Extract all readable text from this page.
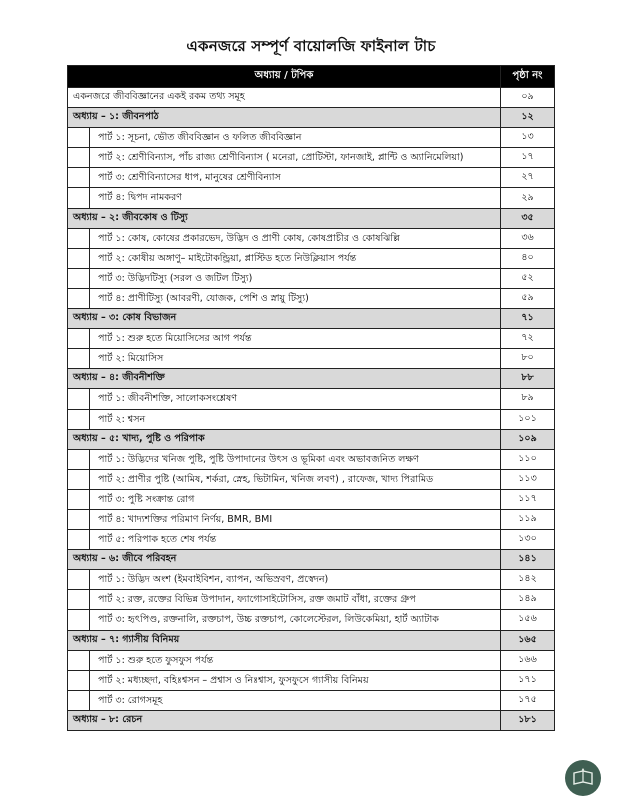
একনজরে সম্পূর্ণ বায়োলজি ফাইনাল টাচ
অধ্যায় / টপিক	পৃষ্ঠা নং
একনজরে জীববিজ্ঞানের একই রকম তথ্য সমূহ	০৯
অধ্যায় – ১: জীবনপাঠ	১২
পার্ট ১: সূচনা, ভৌত জীববিজ্ঞান ও ফলিত জীববিজ্ঞান	১৩
পার্ট ২: শ্রেণীবিন্যাস, পাঁচ রাজ্য শ্রেণীবিন্যাস ( মনেরা, প্রোটিস্টা, ফানজাই, প্লান্টি ও অ্যানিমেলিয়া)	১৭
পার্ট ৩: শ্রেণীবিন্যাসের ধাপ, মানুষের শ্রেণীবিন্যাস	২৭
পার্ট ৪: দ্বিপদ নামকরণ	২৯
অধ্যায় – ২: জীবকোষ ও টিস্যু	৩৫
পার্ট ১: কোষ, কোষের প্রকারভেদ, উদ্ভিদ ও প্রাণী কোষ, কোষপ্রাচীর ও কোষঝিল্লি	৩৬
পার্ট ২: কোষীয় অঙ্গাণু– মাইটোকন্ড্রিয়া, প্লাস্টিড হতে নিউক্লিয়াস পর্যন্ত	৪০
পার্ট ৩: উদ্ভিদটিস্যু (সরল ও জটিল টিস্যু)	৫২
পার্ট ৪: প্রাণীটিস্যু (আবরণী, যোজক, পেশি ও স্নায়ু টিস্যু)	৫৯
অধ্যায় – ৩: কোষ বিভাজন	৭১
পার্ট ১: শুরু হতে মিয়োসিসের আগ পর্যন্ত	৭২
পার্ট ২: মিয়োসিস	৮০
অধ্যায় – ৪: জীবনীশক্তি	৮৮
পার্ট ১: জীবনীশক্তি, সালোকসংশ্লেষণ	৮৯
পার্ট ২: শ্বসন	১০১
অধ্যায় – ৫: খাদ্য, পুষ্টি ও পরিপাক	১০৯
পার্ট ১: উদ্ভিদের খনিজ পুষ্টি, পুষ্টি উপাদানের উৎস ও ভূমিকা এবং অভাবজনিত লক্ষণ	১১০
পার্ট ২: প্রাণীর পুষ্টি (আমিষ, শর্করা, স্নেহ, ভিটামিন, খনিজ লবণ) , রাফেজ, খাদ্য পিরামিড	১১৩
পার্ট ৩: পুষ্টি সংক্রান্ত রোগ	১১৭
পার্ট ৪: খাদ্যশক্তির পরিমাণ নির্ণয়, BMR, BMI	১১৯
পার্ট ৫: পরিপাক হতে শেষ পর্যন্ত	১৩০
অধ্যায় – ৬: জীবে পরিবহন	১৪১
পার্ট ১: উদ্ভিদ অংশ (ইমবাইবিশন, ব্যাপন, অভিস্রবণ, প্রস্বেদন)	১৪২
পার্ট ২: রক্ত, রক্তের বিভিন্ন উপাদান, ফ্যাগোসাইটোসিস, রক্ত জমাট বাঁধা, রক্তের গ্রুপ	১৪৯
পার্ট ৩: হৃৎপিণ্ড, রক্তনালি, রক্তচাপ, উচ্চ রক্তচাপ, কোলেস্টেরল, লিউকেমিয়া, হার্ট অ্যাটাক	১৫৬
অধ্যায় – ৭: গ্যাসীয় বিনিময়	১৬৫
পার্ট ১: শুরু হতে ফুসফুস পর্যন্ত	১৬৬
পার্ট ২: মধ্যচ্ছদা, বহিঃশ্বসন – প্রশ্বাস ও নিঃশ্বাস, ফুসফুসে গ্যাসীয় বিনিময়	১৭১
পার্ট ৩: রোগসমূহ	১৭৫
অধ্যায় – ৮: রেচন	১৮১
